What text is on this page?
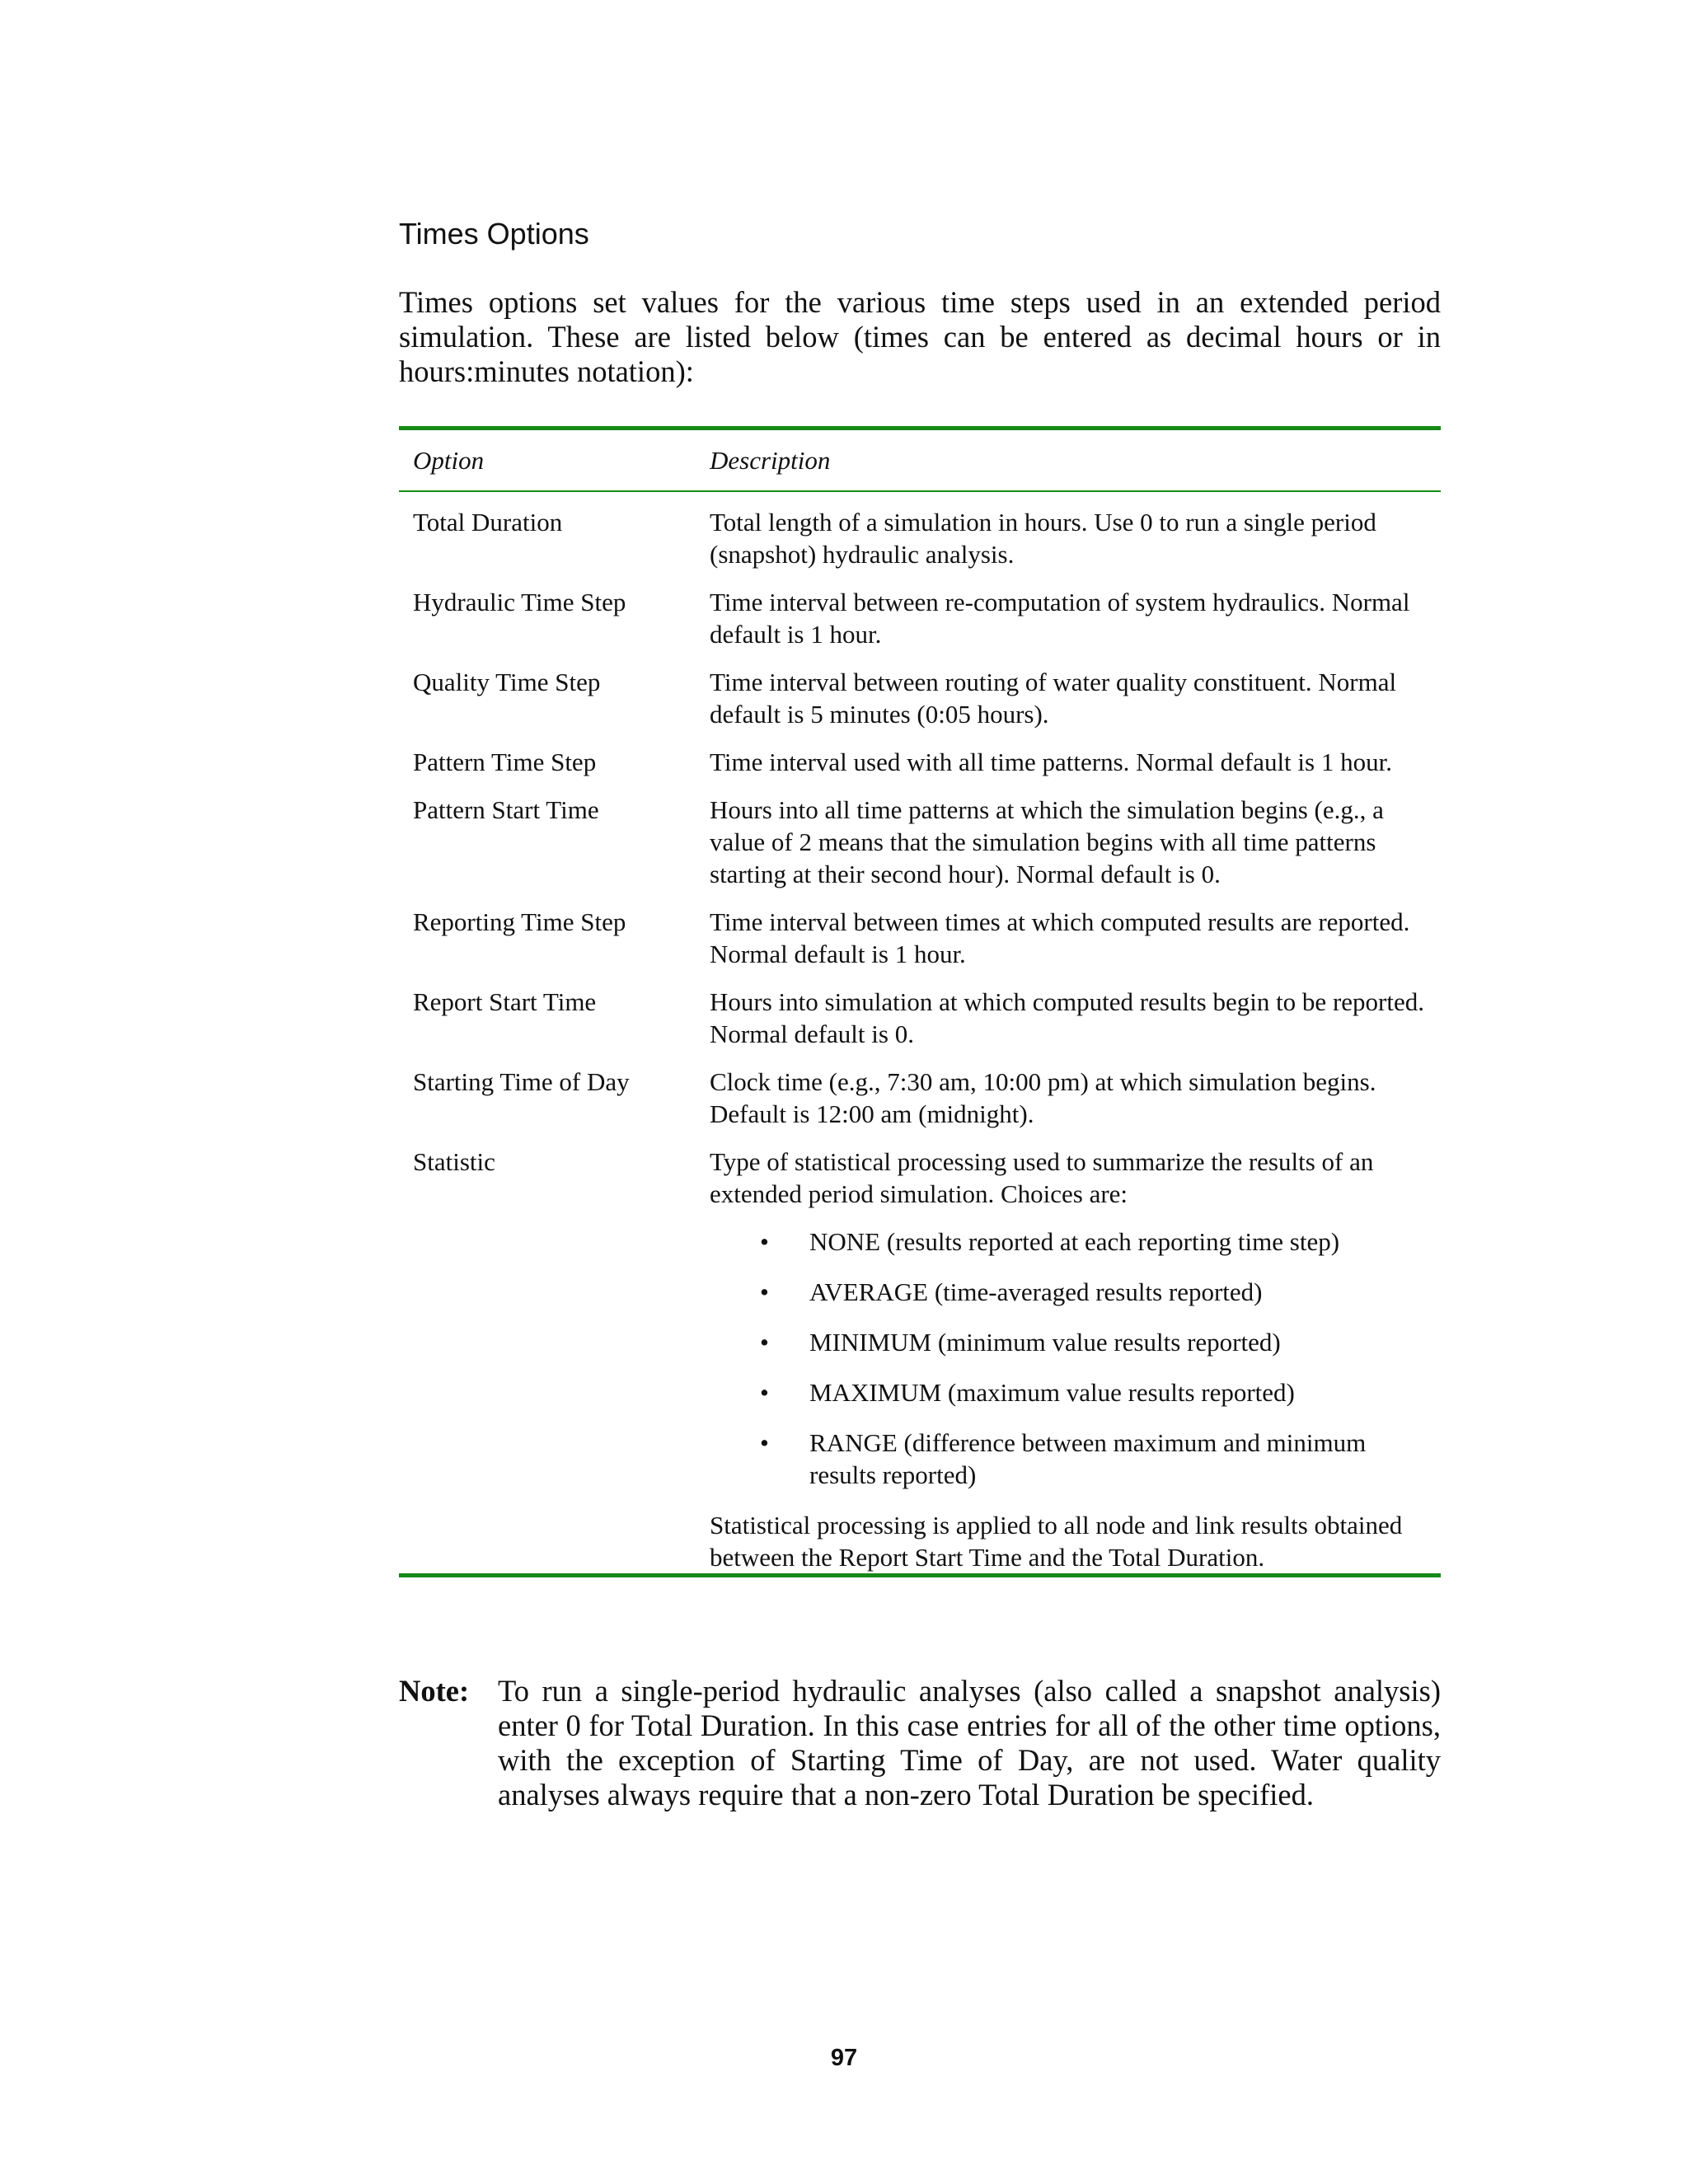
Times Options

Times options set values for the various time steps used in an extended period simulation. These are listed below (times can be entered as decimal hours or in hours:minutes notation):

Option	Description
Total Duration	Total length of a simulation in hours. Use 0 to run a single period (snapshot) hydraulic analysis.
Hydraulic Time Step	Time interval between re-computation of system hydraulics. Normal default is 1 hour.
Quality Time Step	Time interval between routing of water quality constituent. Normal default is 5 minutes (0:05 hours).
Pattern Time Step	Time interval used with all time patterns. Normal default is 1 hour.
Pattern Start Time	Hours into all time patterns at which the simulation begins (e.g., a value of 2 means that the simulation begins with all time patterns starting at their second hour). Normal default is 0.
Reporting Time Step	Time interval between times at which computed results are reported. Normal default is 1 hour.
Report Start Time	Hours into simulation at which computed results begin to be reported. Normal default is 0.
Starting Time of Day	Clock time (e.g., 7:30 am, 10:00 pm) at which simulation begins. Default is 12:00 am (midnight).
Statistic	Type of statistical processing used to summarize the results of an extended period simulation. Choices are:
• NONE (results reported at each reporting time step)
• AVERAGE (time-averaged results reported)
• MINIMUM (minimum value results reported)
• MAXIMUM (maximum value results reported)
• RANGE (difference between maximum and minimum results reported)
Statistical processing is applied to all node and link results obtained between the Report Start Time and the Total Duration.
Note: To run a single-period hydraulic analyses (also called a snapshot analysis) enter 0 for Total Duration. In this case entries for all of the other time options, with the exception of Starting Time of Day, are not used. Water quality analyses always require that a non-zero Total Duration be specified.
97
